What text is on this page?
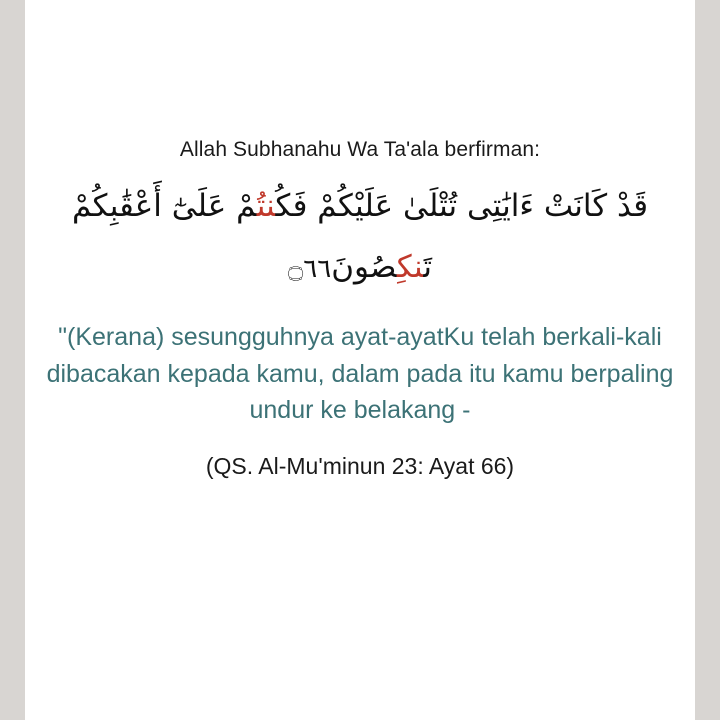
Allah Subhanahu Wa Ta'ala berfirman:
قَدْ كَانَتْ ءَايَٰتِى تُتْلَىٰ عَلَيْكُمْ فَكُنتُمْ عَلَىٰٓ أَعْقَٰبِكُمْ
تَنكِصُونَ۝٦٦
"(Kerana) sesungguhnya ayat-ayatKu telah berkali-kali dibacakan kepada kamu, dalam pada itu kamu berpaling undur ke belakang -
(QS. Al-Mu'minun 23: Ayat 66)
